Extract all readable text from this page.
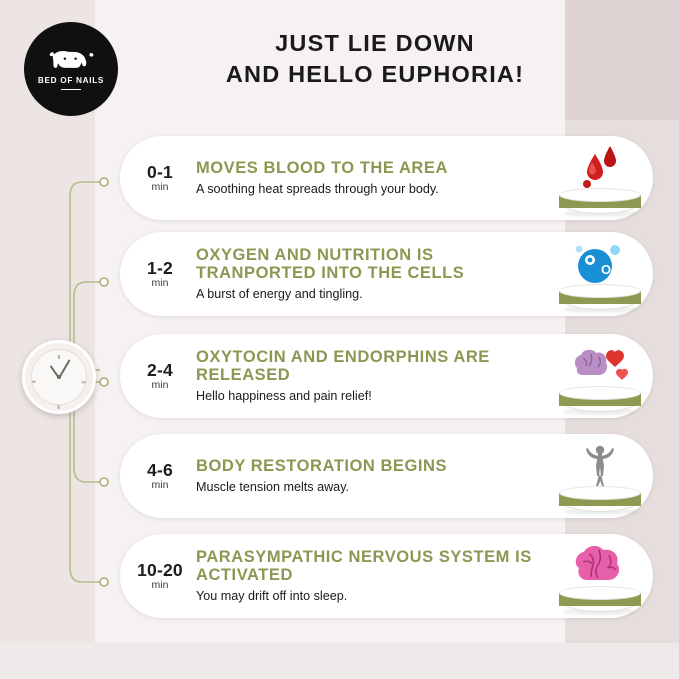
BED OF NAILS
JUST LIE DOWN
AND HELLO EUPHORIA!
0-1
min
MOVES BLOOD TO THE AREA
A soothing heat spreads through your body.
1-2
min
OXYGEN AND NUTRITION IS TRANPORTED INTO THE CELLS
A burst of energy and tingling.
O
2
2-4
min
OXYTOCIN AND ENDORPHINS ARE RELEASED
Hello happiness and pain relief!
4-6
min
BODY RESTORATION BEGINS
Muscle tension melts away.
10-20
min
PARASYMPATHIC NERVOUS SYSTEM IS ACTIVATED
You may drift off into sleep.
